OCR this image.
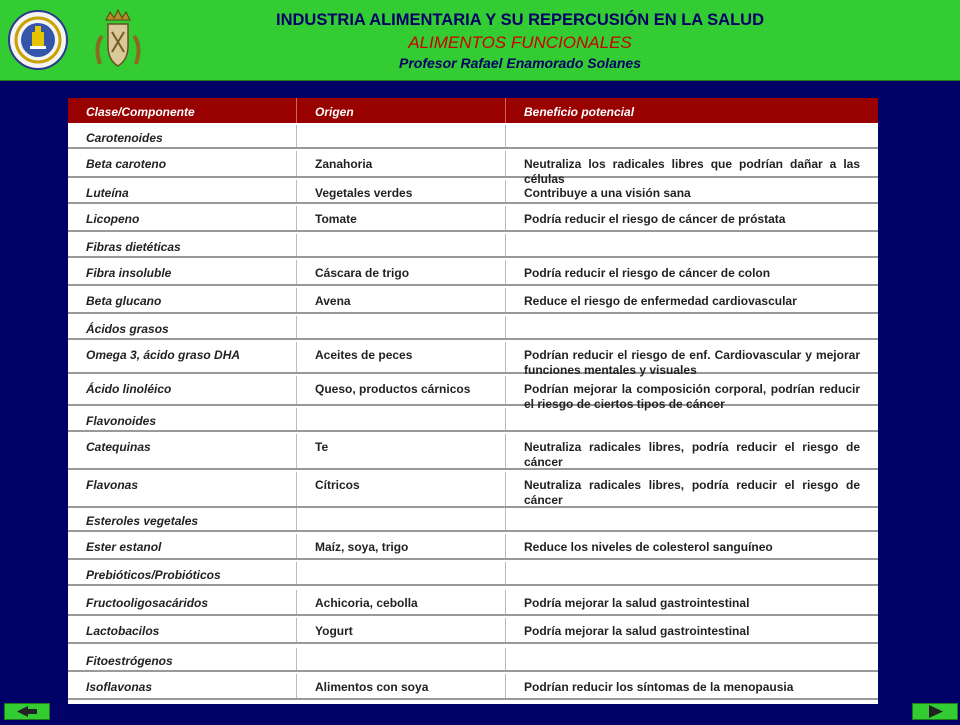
INDUSTRIA ALIMENTARIA Y SU REPERCUSIÓN EN LA SALUD
ALIMENTOS FUNCIONALES
Profesor Rafael Enamorado Solanes
Clase/Componente	Origen	Beneficio potencial
Carotenoides
Beta caroteno	Zanahoria	Neutraliza los radicales libres que podrían dañar a las células
Luteína	Vegetales verdes	Contribuye a una visión sana
Licopeno	Tomate	Podría reducir el riesgo de cáncer de próstata
Fibras dietéticas
Fibra insoluble	Cáscara de trigo	Podría reducir el riesgo de cáncer de colon
Beta glucano	Avena	Reduce el riesgo de enfermedad cardiovascular
Ácidos grasos
Omega 3, ácido graso DHA	Aceites de peces	Podrían reducir el riesgo de enf. Cardiovascular y mejorar funciones mentales y visuales
Ácido linoléico	Queso, productos cárnicos	Podrían mejorar la composición corporal, podrían reducir el riesgo de ciertos tipos de cáncer
Flavonoides
Catequinas	Te	Neutraliza radicales libres, podría reducir el riesgo de cáncer
Flavonas	Cítricos	Neutraliza radicales libres, podría reducir el riesgo de cáncer
Esteroles vegetales
Ester estanol	Maíz, soya, trigo	Reduce los niveles de colesterol sanguíneo
Prebióticos/Probióticos
Fructooligosacáridos	Achicoria, cebolla	Podría mejorar la salud gastrointestinal
Lactobacilos	Yogurt	Podría mejorar la salud gastrointestinal
Fitoestrógenos
Isoflavonas	Alimentos con soya	Podrían reducir los síntomas de la menopausia
